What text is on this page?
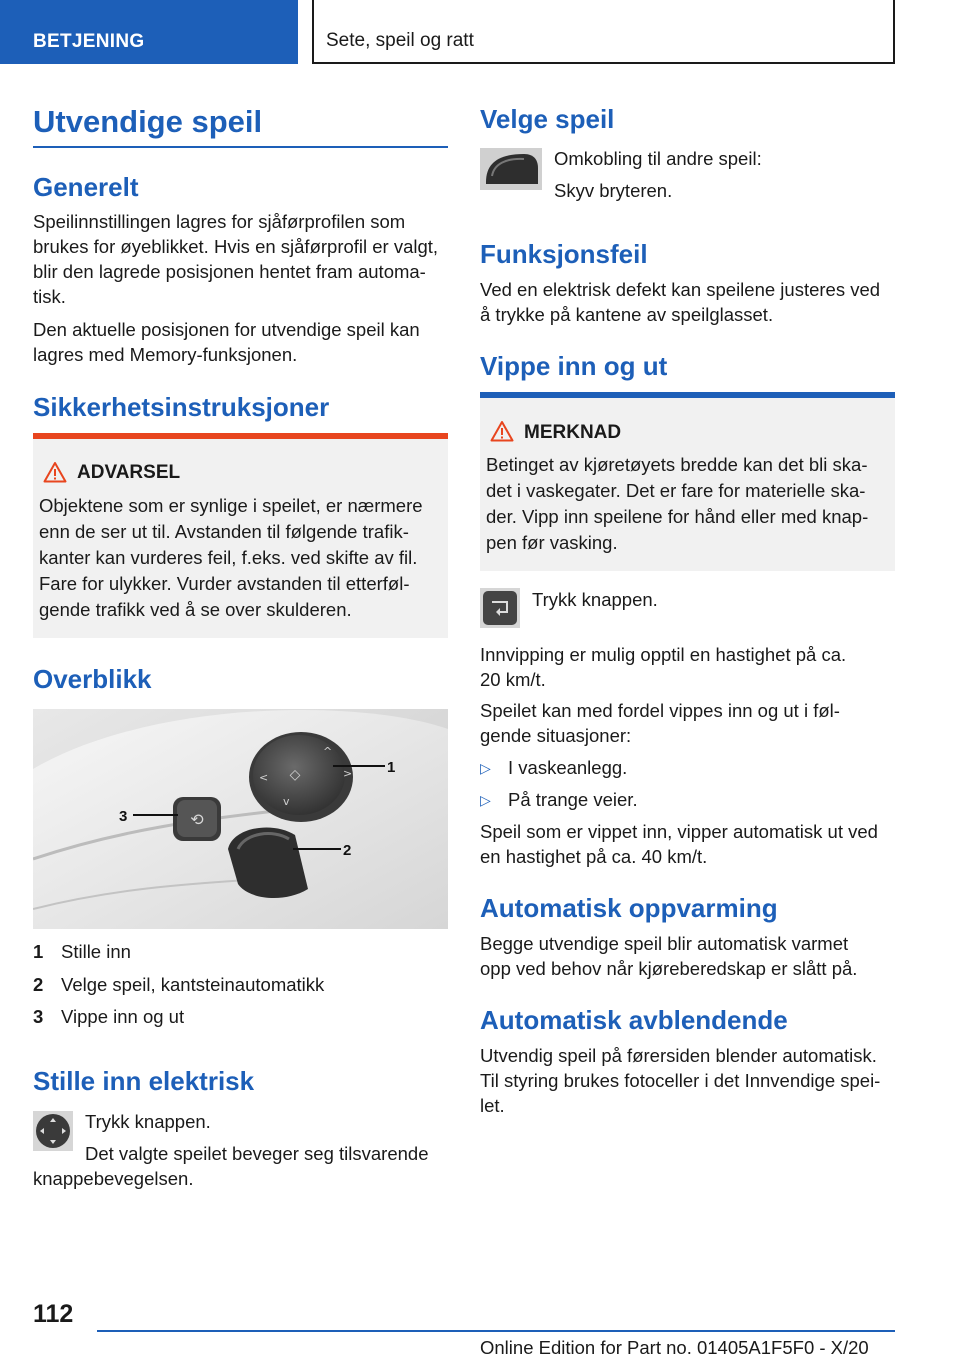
BETJENING	Sete, speil og ratt
Utvendige speil
Generelt
Speilinnstillingen lagres for sjåførprofilen som
brukes for øyeblikket. Hvis en sjåførprofil er valgt,
blir den lagrede posisjonen hentet fram automa-
tisk.
Den aktuelle posisjonen for utvendige speil kan
lagres med Memory-funksjonen.
Sikkerhetsinstruksjoner
ADVARSEL
Objektene som er synlige i speilet, er nærmere
enn de ser ut til. Avstanden til følgende trafik-
kanter kan vurderes feil, f.eks. ved skifte av fil.
Fare for ulykker. Vurder avstanden til etterføl-
gende trafikk ved å se over skulderen.
Overblikk
◇
^
>
v
<
⟲
1
2
3
1 Stille inn
2 Velge speil, kantsteinautomatikk
3 Vippe inn og ut
Stille inn elektrisk
Trykk knappen.
Det valgte speilet beveger seg tilsvarende
knappebevegelsen.
Velge speil
Omkobling til andre speil:
Skyv bryteren.
Funksjonsfeil
Ved en elektrisk defekt kan speilene justeres ved
å trykke på kantene av speilglasset.
Vippe inn og ut
MERKNAD
Betinget av kjøretøyets bredde kan det bli ska-
det i vaskegater. Det er fare for materielle ska-
der. Vipp inn speilene for hånd eller med knap-
pen før vasking.
Trykk knappen.
Innvipping er mulig opptil en hastighet på ca.
20 km/t.
Speilet kan med fordel vippes inn og ut i føl-
gende situasjoner:
▷ I vaskeanlegg.
▷ På trange veier.
Speil som er vippet inn, vipper automatisk ut ved
en hastighet på ca. 40 km/t.
Automatisk oppvarming
Begge utvendige speil blir automatisk varmet
opp ved behov når kjøreberedskap er slått på.
Automatisk avblendende
Utvendig speil på førersiden blender automatisk.
Til styring brukes fotoceller i det Innvendige spei-
let.
112
Online Edition for Part no. 01405A1F5F0 - X/20
